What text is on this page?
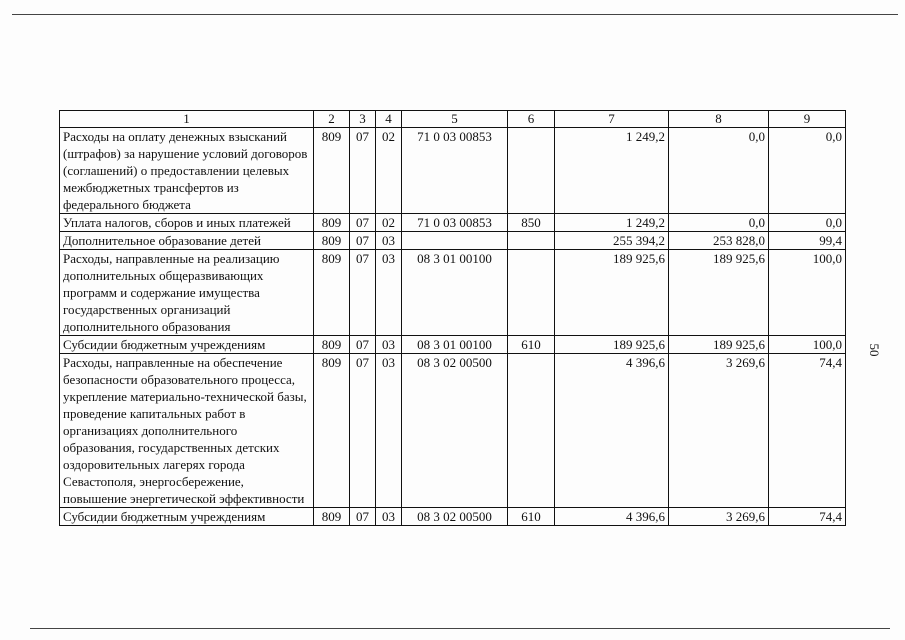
50
1	2	3	4	5	6	7	8	9
Расходы на оплату денежных взысканий (штрафов) за нарушение условий договоров (соглашений) о предоставлении целевых межбюджетных трансфертов из федерального бюджета	809	07	02	71 0 03 00853		1 249,2	0,0	0,0
Уплата налогов, сборов и иных платежей	809	07	02	71 0 03 00853	850	1 249,2	0,0	0,0
Дополнительное образование детей	809	07	03			255 394,2	253 828,0	99,4
Расходы, направленные на реализацию дополнительных общеразвивающих программ и содержание имущества государственных организаций дополнительного образования	809	07	03	08 3 01 00100		189 925,6	189 925,6	100,0
Субсидии бюджетным учреждениям	809	07	03	08 3 01 00100	610	189 925,6	189 925,6	100,0
Расходы, направленные на обеспечение безопасности образовательного процесса, укрепление материально-технической базы, проведение капитальных работ в организациях дополнительного образования, государственных детских оздоровительных лагерях города Севастополя, энергосбережение, повышение энергетической эффективности	809	07	03	08 3 02 00500		4 396,6	3 269,6	74,4
Субсидии бюджетным учреждениям	809	07	03	08 3 02 00500	610	4 396,6	3 269,6	74,4
